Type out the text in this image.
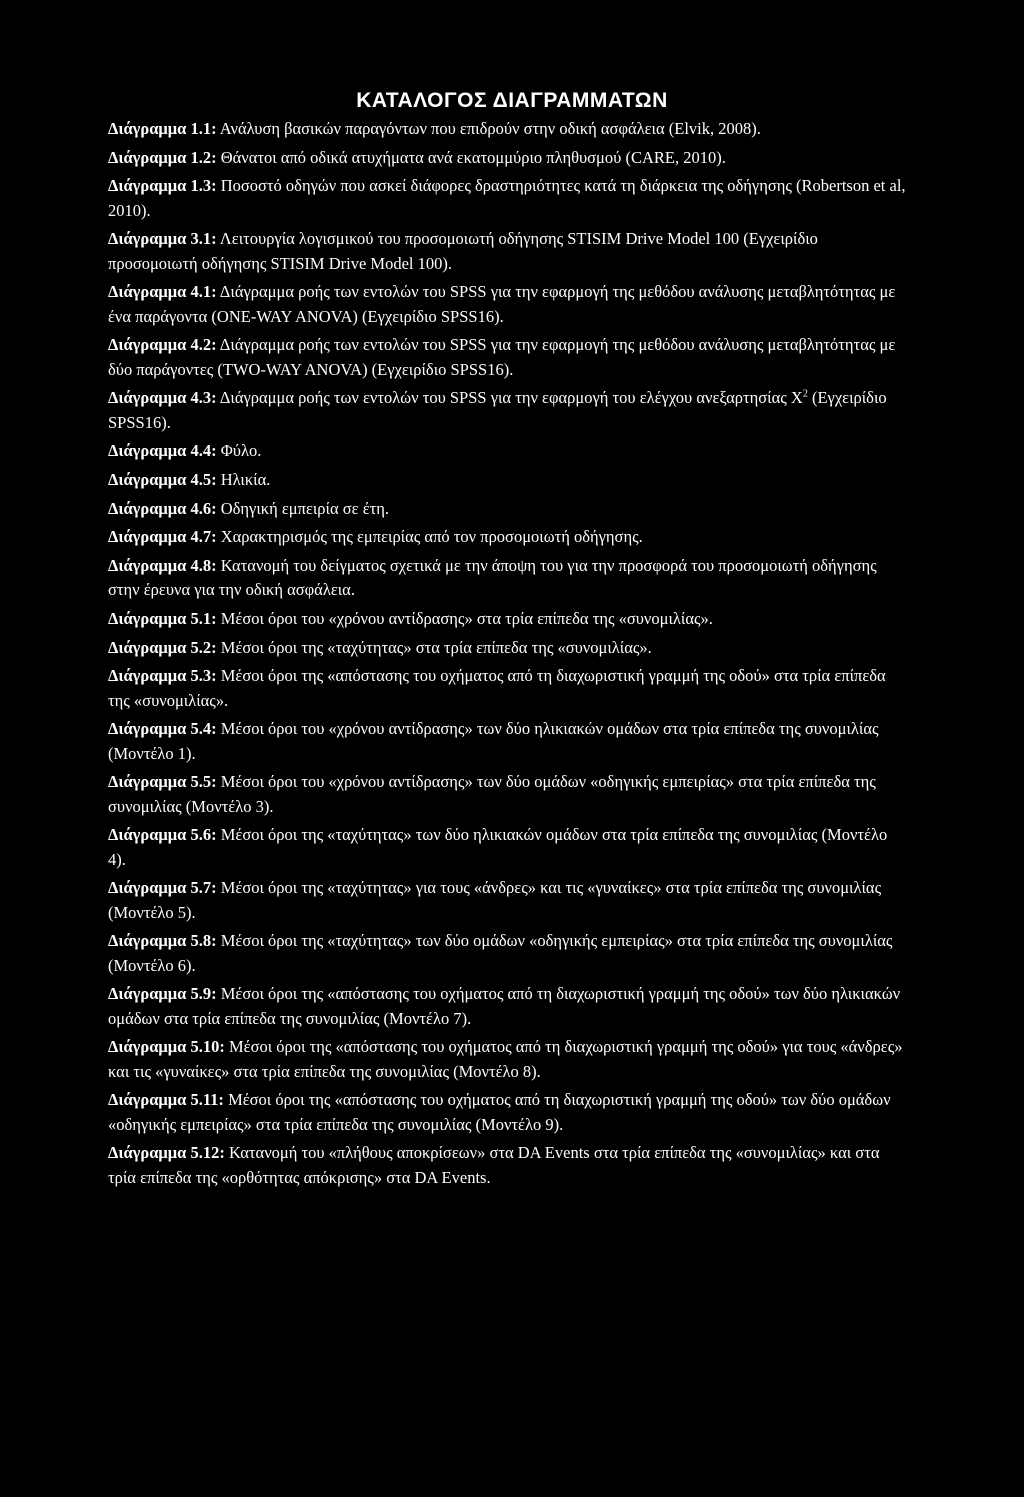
ΚΑΤΑΛΟΓΟΣ ΔΙΑΓΡΑΜΜΑΤΩΝ
Διάγραμμα 1.1: Ανάλυση βασικών παραγόντων που επιδρούν στην οδική ασφάλεια (Elvik, 2008).
Διάγραμμα 1.2: Θάνατοι από οδικά ατυχήματα ανά εκατομμύριο πληθυσμού (CARE, 2010).
Διάγραμμα 1.3: Ποσοστό οδηγών που ασκεί διάφορες δραστηριότητες κατά τη διάρκεια της οδήγησης (Robertson et al, 2010).
Διάγραμμα 3.1: Λειτουργία λογισμικού του προσομοιωτή οδήγησης STISIM Drive Model 100 (Εγχειρίδιο προσομοιωτή οδήγησης STISIM Drive Model 100).
Διάγραμμα 4.1: Διάγραμμα ροής των εντολών του SPSS για την εφαρμογή της μεθόδου ανάλυσης μεταβλητότητας με ένα παράγοντα (ONE-WAY ANOVA) (Εγχειρίδιο SPSS16).
Διάγραμμα 4.2: Διάγραμμα ροής των εντολών του SPSS για την εφαρμογή της μεθόδου ανάλυσης μεταβλητότητας με δύο παράγοντες (TWO-WAY ANOVA) (Εγχειρίδιο SPSS16).
Διάγραμμα 4.3: Διάγραμμα ροής των εντολών του SPSS για την εφαρμογή του ελέγχου ανεξαρτησίας $X^2$ (Εγχειρίδιο SPSS16).
Διάγραμμα 4.4: Φύλο.
Διάγραμμα 4.5: Ηλικία.
Διάγραμμα 4.6: Οδηγική εμπειρία σε έτη.
Διάγραμμα 4.7: Χαρακτηρισμός της εμπειρίας από τον προσομοιωτή οδήγησης.
Διάγραμμα 4.8: Κατανομή του δείγματος σχετικά με την άποψη του για την προσφορά του προσομοιωτή οδήγησης στην έρευνα για την οδική ασφάλεια.
Διάγραμμα 5.1: Μέσοι όροι του «χρόνου αντίδρασης» στα τρία επίπεδα της «συνομιλίας».
Διάγραμμα 5.2: Μέσοι όροι της «ταχύτητας» στα τρία επίπεδα της «συνομιλίας».
Διάγραμμα 5.3: Μέσοι όροι της «απόστασης του οχήματος από τη διαχωριστική γραμμή της οδού» στα τρία επίπεδα της «συνομιλίας».
Διάγραμμα 5.4: Μέσοι όροι του «χρόνου αντίδρασης» των δύο ηλικιακών ομάδων στα τρία επίπεδα της συνομιλίας (Μοντέλο 1).
Διάγραμμα 5.5: Μέσοι όροι του «χρόνου αντίδρασης» των δύο ομάδων «οδηγικής εμπειρίας» στα τρία επίπεδα της συνομιλίας (Μοντέλο 3).
Διάγραμμα 5.6: Μέσοι όροι της «ταχύτητας» των δύο ηλικιακών ομάδων στα τρία επίπεδα της συνομιλίας (Μοντέλο 4).
Διάγραμμα 5.7: Μέσοι όροι της «ταχύτητας» για τους «άνδρες» και τις «γυναίκες» στα τρία επίπεδα της συνομιλίας (Μοντέλο 5).
Διάγραμμα 5.8: Μέσοι όροι της «ταχύτητας» των δύο ομάδων «οδηγικής εμπειρίας» στα τρία επίπεδα της συνομιλίας (Μοντέλο 6).
Διάγραμμα 5.9: Μέσοι όροι της «απόστασης του οχήματος από τη διαχωριστική γραμμή της οδού» των δύο ηλικιακών ομάδων στα τρία επίπεδα της συνομιλίας (Μοντέλο 7).
Διάγραμμα 5.10: Μέσοι όροι της «απόστασης του οχήματος από τη διαχωριστική γραμμή της οδού» για τους «άνδρες» και τις «γυναίκες» στα τρία επίπεδα της συνομιλίας (Μοντέλο 8).
Διάγραμμα 5.11: Μέσοι όροι της «απόστασης του οχήματος από τη διαχωριστική γραμμή της οδού» των δύο ομάδων «οδηγικής εμπειρίας» στα τρία επίπεδα της συνομιλίας (Μοντέλο 9).
Διάγραμμα 5.12: Κατανομή του «πλήθους αποκρίσεων» στα DA Events στα τρία επίπεδα της «συνομιλίας» και στα τρία επίπεδα της «ορθότητας απόκρισης» στα DA Events.
